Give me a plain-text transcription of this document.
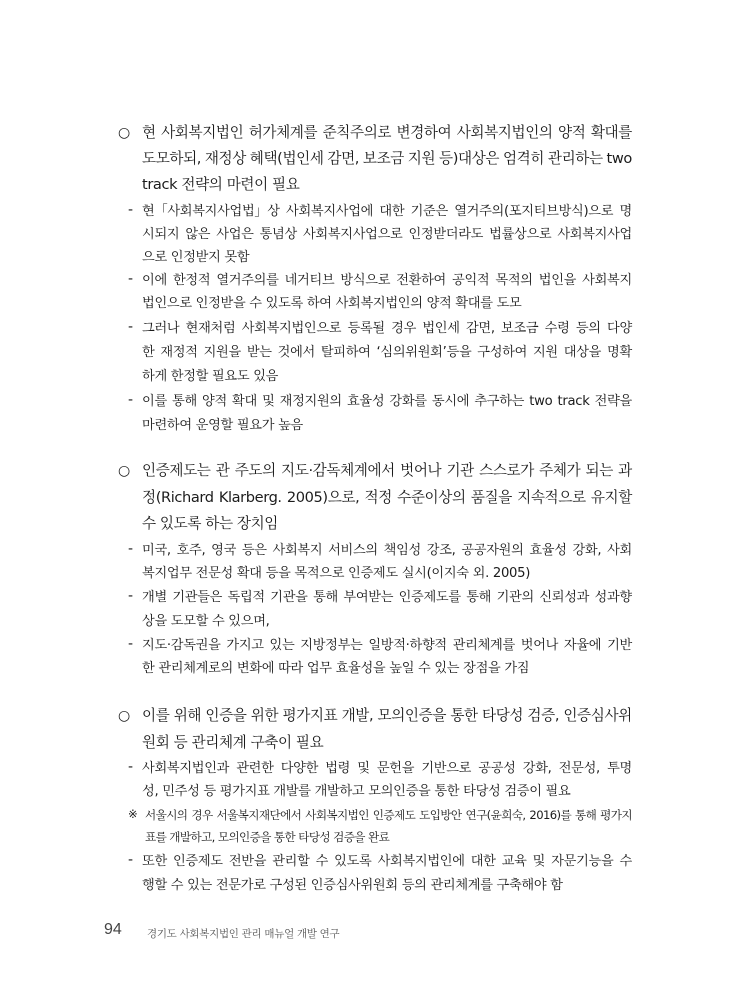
○ 현 사회복지법인 허가체계를 준칙주의로 변경하여 사회복지법인의 양적 확대를
도모하되, 재정상 혜택(법인세 감면, 보조금 지원 등)대상은 엄격히 관리하는 two
track 전략의 마련이 필요
- 현「사회복지사업법」상 사회복지사업에 대한 기준은 열거주의(포지티브방식)으로 명
시되지 않은 사업은 통념상 사회복지사업으로 인정받더라도 법률상으로 사회복지사업
으로 인정받지 못함
- 이에 한정적 열거주의를 네거티브 방식으로 전환하여 공익적 목적의 법인을 사회복지
법인으로 인정받을 수 있도록 하여 사회복지법인의 양적 확대를 도모
- 그러나 현재처럼 사회복지법인으로 등록될 경우 법인세 감면, 보조금 수령 등의 다양
한 재정적 지원을 받는 것에서 탈피하여 ‘심의위원회’등을 구성하여 지원 대상을 명확
하게 한정할 필요도 있음
- 이를 통해 양적 확대 및 재정지원의 효율성 강화를 동시에 추구하는 two track 전략을
마련하여 운영할 필요가 높음
○ 인증제도는 관 주도의 지도·감독체계에서 벗어나 기관 스스로가 주체가 되는 과
정(Richard Klarberg. 2005)으로, 적정 수준이상의 품질을 지속적으로 유지할
수 있도록 하는 장치임
- 미국, 호주, 영국 등은 사회복지 서비스의 책임성 강조, 공공자원의 효율성 강화, 사회
복지업무 전문성 확대 등을 목적으로 인증제도 실시(이지숙 외. 2005)
- 개별 기관들은 독립적 기관을 통해 부여받는 인증제도를 통해 기관의 신뢰성과 성과향
상을 도모할 수 있으며,
- 지도·감독권을 가지고 있는 지방정부는 일방적·하향적 관리체계를 벗어나 자율에 기반
한 관리체계로의 변화에 따라 업무 효율성을 높일 수 있는 장점을 가짐
○ 이를 위해 인증을 위한 평가지표 개발, 모의인증을 통한 타당성 검증, 인증심사위
원회 등 관리체계 구축이 필요
- 사회복지법인과 관련한 다양한 법령 및 문헌을 기반으로 공공성 강화, 전문성, 투명
성, 민주성 등 평가지표 개발를 개발하고 모의인증을 통한 타당성 검증이 필요
※ 서울시의 경우 서울복지재단에서 사회복지법인 인증제도 도입방안 연구(윤희숙, 2016)를 통해 평가지
표를 개발하고, 모의인증을 통한 타당성 검증을 완료
- 또한 인증제도 전반을 관리할 수 있도록 사회복지법인에 대한 교육 및 자문기능을 수
행할 수 있는 전문가로 구성된 인증심사위원회 등의 관리체계를 구축해야 함
94 경기도 사회복지법인 관리 매뉴얼 개발 연구
